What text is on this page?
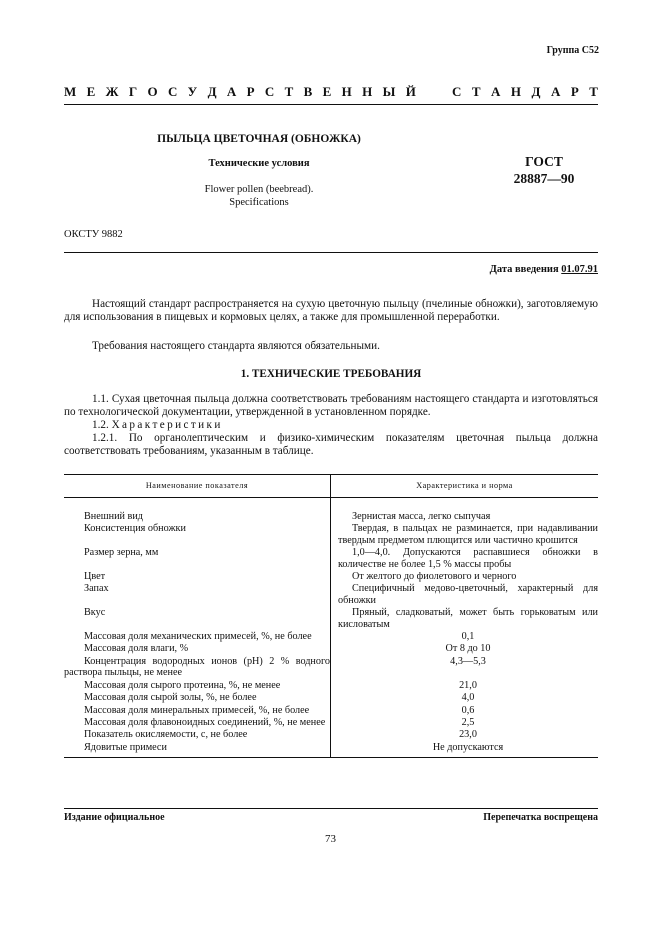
Группа С52
М Е Ж Г О С У Д А Р С Т В Е Н Н Ы Й	С Т А Н Д А Р Т
ПЫЛЬЦА ЦВЕТОЧНАЯ (ОБНОЖКА)
Технические условия
Flower pollen (beebread).
Specifications
ГОСТ
28887—90
ОКСТУ 9882
Дата введения 01.07.91
Настоящий стандарт распространяется на сухую цветочную пыльцу (пчелиные обножки), заготовляемую для использования в пищевых и кормовых целях, а также для промышленной переработки.
Требования настоящего стандарта являются обязательными.
1. ТЕХНИЧЕСКИЕ ТРЕБОВАНИЯ
1.1. Сухая цветочная пыльца должна соответствовать требованиям настоящего стандарта и изготовляться по технологической документации, утвержденной в установленном порядке.
1.2. Характеристики
1.2.1. По органолептическим и физико-химическим показателям цветочная пыльца должна соответствовать требованиям, указанным в таблице.
Наименование показателя	Характеристика и норма

Внешний вид	Зернистая масса, легко сыпучая

Консистенция обножки	Твердая, в пальцах не разминается, при надавливании твердым предметом плющится или частично крошится

Размер зерна, мм	1,0—4,0. Допускаются распавшиеся обножки в количестве не более 1,5 % массы пробы

Цвет	От желтого до фиолетового и черного

Запах	Специфичный медово-цветочный, характерный для обножки

Вкус	Пряный, сладковатый, может быть горьковатым или кисловатым

Массовая доля механических примесей, %, не более	0,1

Массовая доля влаги, %	От 8 до 10

Концентрация водородных ионов (рН) 2 % водного раствора пыльцы, не менее	4,3—5,3

Массовая доля сырого протеина, %, не менее	21,0

Массовая доля сырой золы, %, не более	4,0

Массовая доля минеральных примесей, %, не более	0,6

Массовая доля флавоноидных соединений, %, не менее	2,5

Показатель окисляемости, с, не более	23,0

Ядовитые примеси	Не допускаются
Издание официальное	Перепечатка воспрещена
73
